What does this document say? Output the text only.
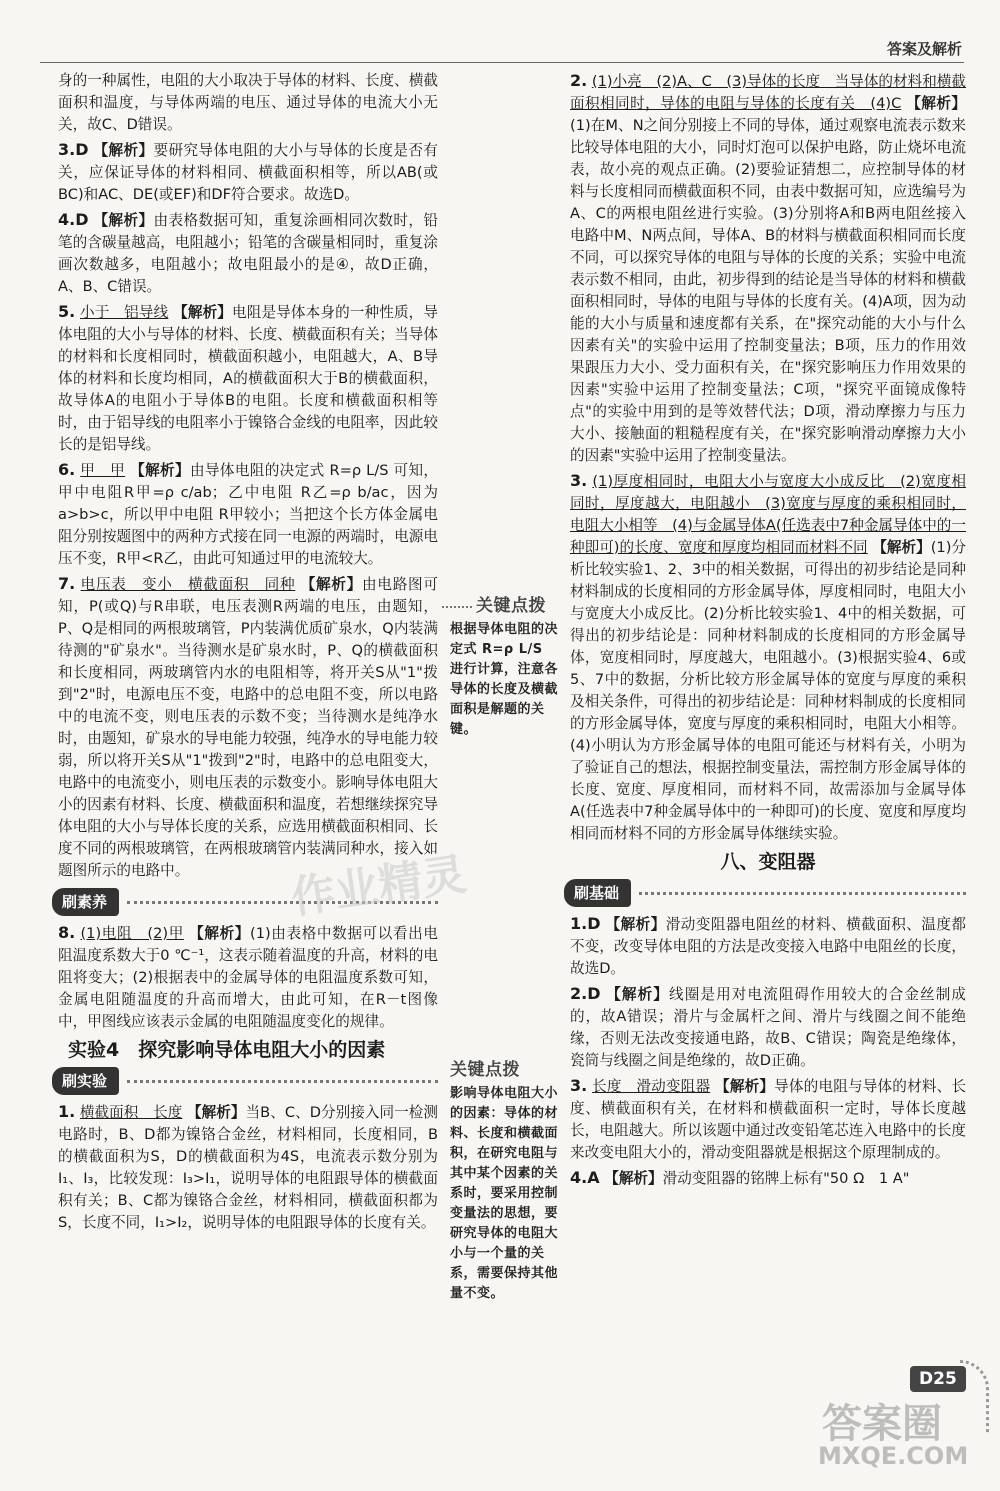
答案及解析

身的一种属性，电阻的大小取决于导体的材料、长度、横截面积和温度，与导体两端的电压、通过导体的电流大小无关，故C、D错误。

3.D 【解析】要研究导体电阻的大小与导体的长度是否有关，应保证导体的材料相同、横截面积相等，所以AB(或BC)和AC、DE(或EF)和DF符合要求。故选D。

4.D 【解析】由表格数据可知，重复涂画相同次数时，铅笔的含碳量越高，电阻越小；铅笔的含碳量相同时，重复涂画次数越多，电阻越小；故电阻最小的是④，故D正确，A、B、C错误。

5. 小于　铝导线 【解析】电阻是导体本身的一种性质，导体电阻的大小与导体的材料、长度、横截面积有关；当导体的材料和长度相同时，横截面积越小，电阻越大，A、B导体的材料和长度均相同，A的横截面积大于B的横截面积，故导体A的电阻小于导体B的电阻。长度和横截面积相等时，由于铝导线的电阻率小于镍铬合金线的电阻率，因此较长的是铝导线。

6. 甲　甲 【解析】由导体电阻的决定式 R=ρ L/S 可知，甲中电阻R甲=ρ c/ab；乙中电阻 R乙=ρ b/ac，因为 a>b>c，所以甲中电阻 R甲较小；当把这个长方体金属电阻分别按题图中的两种方式接在同一电源的两端时，电源电压不变，R甲<R乙，由此可知通过甲的电流较大。

7. 电压表　变小　横截面积　同种 【解析】由电路图可知，P(或Q)与R串联，电压表测R两端的电压，由题知，P、Q是相同的两根玻璃管，P内装满优质矿泉水，Q内装满待测的"矿泉水"。当待测水是矿泉水时，P、Q的横截面积和长度相同，两玻璃管内水的电阻相等，将开关S从"1"拨到"2"时，电源电压不变，电路中的总电阻不变，所以电路中的电流不变，则电压表的示数不变；当待测水是纯净水时，由题知，矿泉水的导电能力较强，纯净水的导电能力较弱，所以将开关S从"1"拨到"2"时，电路中的总电阻变大，电路中的电流变小，则电压表的示数变小。影响导体电阻大小的因素有材料、长度、横截面积和温度，若想继续探究导体电阻的大小与导体长度的关系，应选用横截面积相同、长度不同的两根玻璃管，在两根玻璃管内装满同种水，接入如题图所示的电路中。

刷素养

8. (1)电阻　(2)甲 【解析】(1)由表格中数据可以看出电阻温度系数大于0 ℃⁻¹，这表示随着温度的升高，材料的电阻将变大；(2)根据表中的金属导体的电阻温度系数可知，金属电阻随温度的升高而增大，由此可知，在R－t图像中，甲图线应该表示金属的电阻随温度变化的规律。

实验4　探究影响导体电阻大小的因素
刷实验

1. 横截面积　长度 【解析】当B、C、D分别接入同一检测电路时，B、D都为镍铬合金丝，材料相同，长度相同，B的横截面积为S，D的横截面积为4S，电流表示数分别为I₁、I₃，比较发现：I₃>I₁，说明导体的电阻跟导体的横截面积有关；B、C都为镍铬合金丝，材料相同，横截面积都为S，长度不同，I₁>I₂，说明导体的电阻跟导体的长度有关。

关键点拨
根据导体电阻的决定式 R=ρ L/S 进行计算，注意各导体的长度及横截面积是解题的关键。
关键点拨
影响导体电阻大小的因素：导体的材料、长度和横截面积，在研究电阻与其中某个因素的关系时，要采用控制变量法的思想，要研究导体的电阻大小与一个量的关系，需要保持其他量不变。

2. (1)小亮　(2)A、C　(3)导体的长度　当导体的材料和横截面积相同时，导体的电阻与导体的长度有关　(4)C 【解析】(1)在M、N之间分别接上不同的导体，通过观察电流表示数来比较导体电阻的大小，同时灯泡可以保护电路，防止烧坏电流表，故小亮的观点正确。(2)要验证猜想二，应控制导体的材料与长度相同而横截面积不同，由表中数据可知，应选编号为A、C的两根电阻丝进行实验。(3)分别将A和B两电阻丝接入电路中M、N两点间，导体A、B的材料与横截面积相同而长度不同，可以探究导体的电阻与导体的长度的关系；实验中电流表示数不相同，由此，初步得到的结论是当导体的材料和横截面积相同时，导体的电阻与导体的长度有关。(4)A项，因为动能的大小与质量和速度都有关系，在"探究动能的大小与什么因素有关"的实验中运用了控制变量法；B项，压力的作用效果跟压力大小、受力面积有关，在"探究影响压力作用效果的因素"实验中运用了控制变量法；C项，"探究平面镜成像特点"的实验中用到的是等效替代法；D项，滑动摩擦力与压力大小、接触面的粗糙程度有关，在"探究影响滑动摩擦力大小的因素"实验中运用了控制变量法。

3. (1)厚度相同时，电阻大小与宽度大小成反比　(2)宽度相同时，厚度越大，电阻越小　(3)宽度与厚度的乘积相同时，电阻大小相等　(4)与金属导体A(任选表中7种金属导体中的一种即可)的长度、宽度和厚度均相同而材料不同 【解析】(1)分析比较实验1、2、3中的相关数据，可得出的初步结论是同种材料制成的长度相同的方形金属导体，厚度相同时，电阻大小与宽度大小成反比。(2)分析比较实验1、4中的相关数据，可得出的初步结论是：同种材料制成的长度相同的方形金属导体，宽度相同时，厚度越大，电阻越小。(3)根据实验4、6或5、7中的数据，分析比较方形金属导体的宽度与厚度的乘积及相关条件，可得出的初步结论是：同种材料制成的长度相同的方形金属导体，宽度与厚度的乘积相同时，电阻大小相等。(4)小明认为方形金属导体的电阻可能还与材料有关，小明为了验证自己的想法，根据控制变量法，需控制方形金属导体的长度、宽度、厚度相同，而材料不同，故需添加与金属导体A(任选表中7种金属导体中的一种即可)的长度、宽度和厚度均相同而材料不同的方形金属导体继续实验。

八、变阻器
刷基础

1.D 【解析】滑动变阻器电阻丝的材料、横截面积、温度都不变，改变导体电阻的方法是改变接入电路中电阻丝的长度，故选D。

2.D 【解析】线圈是用对电流阻碍作用较大的合金丝制成的，故A错误；滑片与金属杆之间、滑片与线圈之间不能绝缘，否则无法改变接通电路，故B、C错误；陶瓷是绝缘体，瓷筒与线圈之间是绝缘的，故D正确。

3. 长度　滑动变阻器 【解析】导体的电阻与导体的材料、长度、横截面积有关，在材料和横截面积一定时，导体长度越长，电阻越大。所以该题中通过改变铅笔芯连入电路中的长度来改变电阻大小的，滑动变阻器就是根据这个原理制成的。

4.A 【解析】滑动变阻器的铭牌上标有"50 Ω　1 A"

D25
作业精灵
答案圈
MXQE.COM
